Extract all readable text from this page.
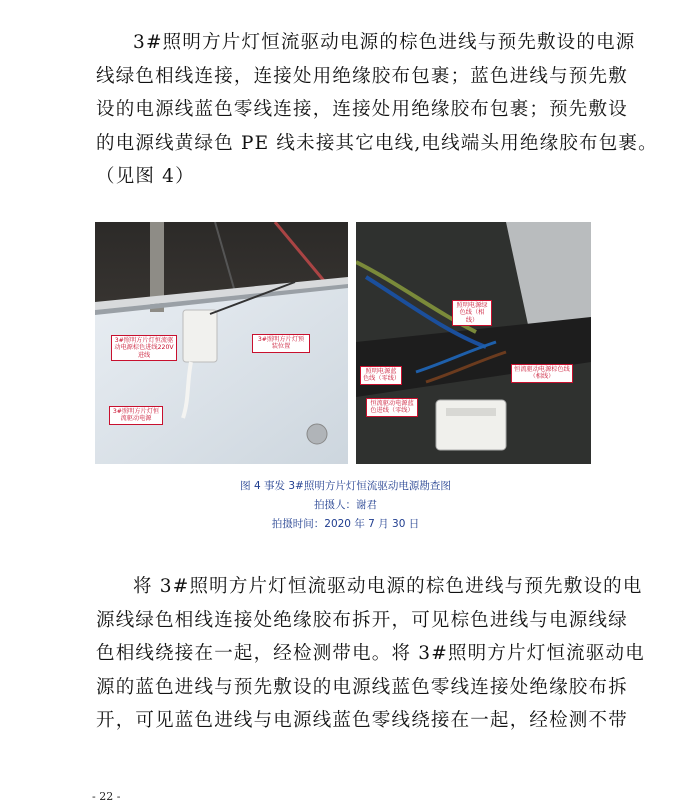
3#照明方片灯恒流驱动电源的棕色进线与预先敷设的电源
线绿色相线连接，连接处用绝缘胶布包裹；蓝色进线与预先敷
设的电源线蓝色零线连接，连接处用绝缘胶布包裹；预先敷设
的电源线黄绿色 PE 线未接其它电线,电线端头用绝缘胶布包裹。
（见图 4）
3#照明方片灯恒流驱动电源棕色进线220V进线
3#照明方片灯预装位置
3#照明方片灯恒流驱动电源
照明电源绿色线（相线）
照明电源蓝色线（零线）
恒流驱动电源棕色线（相线）
恒流驱动电源蓝色进线（零线）
图 4 事发 3#照明方片灯恒流驱动电源勘查图
拍摄人：谢君
拍摄时间：2020 年 7 月 30 日
将 3#照明方片灯恒流驱动电源的棕色进线与预先敷设的电
源线绿色相线连接处绝缘胶布拆开，可见棕色进线与电源线绿
色相线绕接在一起，经检测带电。将 3#照明方片灯恒流驱动电
源的蓝色进线与预先敷设的电源线蓝色零线连接处绝缘胶布拆
开，可见蓝色进线与电源线蓝色零线绕接在一起，经检测不带
- 22 -
